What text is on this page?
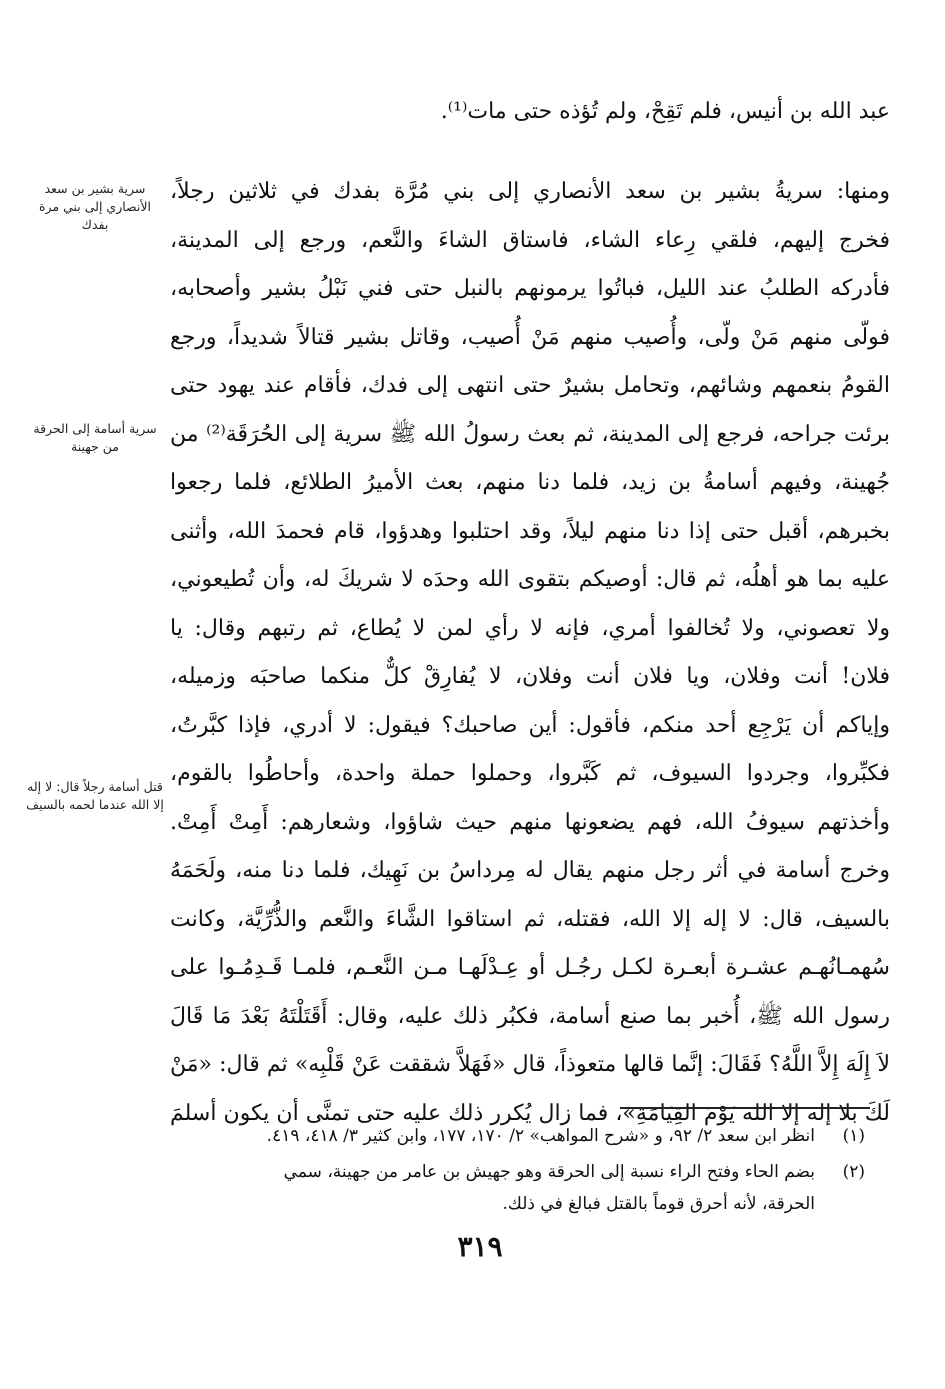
عبد الله بن أنيس، فلم تَقِحْ، ولم تُؤذه حتى مات⁽¹⁾.
ومنها: سريةُ بشير بن سعد الأنصاري إلى بني مُرَّة بفدك في ثلاثين رجلاً،
فخرج إليهم، فلقي رِعاء الشاء، فاستاق الشاءَ والنَّعم، ورجع إلى المدينة،
فأدركه الطلبُ عند الليل، فباتُوا يرمونهم بالنبل حتى فني نَبْلُ بشير وأصحابه،
فولّى منهم مَنْ ولّى، وأُصيب منهم مَنْ أُصيب، وقاتل بشير قتالاً شديداً، ورجع
القومُ بنعمهم وشائهم، وتحامل بشيرٌ حتى انتهى إلى فدك، فأقام عند يهود حتى
برئت جراحه، فرجع إلى المدينة، ثم بعث رسولُ الله ﷺ سرية إلى الحُرَقَة⁽²⁾ من
جُهينة، وفيهم أسامةُ بن زيد، فلما دنا منهم، بعث الأميرُ الطلائع، فلما رجعوا
بخبرهم، أقبل حتى إذا دنا منهم ليلاً، وقد احتلبوا وهدؤوا، قام فحمدَ الله، وأثنى
عليه بما هو أهلُه، ثم قال: أوصيكم بتقوى الله وحدَه لا شريكَ له، وأن تُطيعوني،
ولا تعصوني، ولا تُخالفوا أمري، فإنه لا رأي لمن لا يُطاع، ثم رتبهم وقال: يا
فلان! أنت وفلان، ويا فلان أنت وفلان، لا يُفارِقْ كلٌّ منكما صاحبَه وزميله،
وإياكم أن يَرْجِع أحد منكم، فأقول: أين صاحبك؟ فيقول: لا أدري، فإذا كبَّرتُ،
فكبِّروا، وجردوا السيوف، ثم كَبَّروا، وحملوا حملة واحدة، وأحاطُوا بالقوم،
وأخذتهم سيوفُ الله، فهم يضعونها منهم حيث شاؤوا، وشعارهم: أَمِتْ أَمِتْ.
وخرج أسامة في أثر رجل منهم يقال له مِرداسُ بن نَهِيك، فلما دنا منه، ولَحَمَهُ
بالسيف، قال: لا إله إلا الله، فقتله، ثم استاقوا الشَّاءَ والنَّعم والذُّرِّيَّة، وكانت
سُهمـانُهـم عشـرة أبعـرة لكـل رجُـل أو عِـدْلَهـا مـن النَّعـم، فلمـا قَـدِمُـوا على
رسول الله ﷺ، أُخبر بما صنع أسامة، فكبُر ذلك عليه، وقال: أَقَتَلْتَهُ بَعْدَ مَا قَالَ
لاَ إِلَهَ إِلاَّ اللَّهُ؟ فَقَالَ: إنَّما قالها متعوذاً، قال «فَهَلاَّ شققت عَنْ قَلْبِه» ثم قال: «مَنْ
لَكَ بلا إله إلا الله يَوْمَ القِيَامَةِ»، فما زال يُكرر ذلك عليه حتى تمنَّى أن يكون أسلمَ
سرية بشير بن سعد الأنصاري إلى بني مرة بفدك
سرية أسامة إلى الحرقة من جهينة
قتل أسامة رجلاً قال: لا إله إلا الله عندما لحمه بالسيف
(١)انظر ابن سعد ٢/ ٩٢، و «شرح المواهب» ٢/ ١٧٠، ١٧٧، وابن كثير ٣/ ٤١٨، ٤١٩.
(٢)بضم الحاء وفتح الراء نسبة إلى الحرقة وهو جهيش بن عامر من جهينة، سمي
الحرقة، لأنه أحرق قوماً بالقتل فبالغ في ذلك.
٣١٩
